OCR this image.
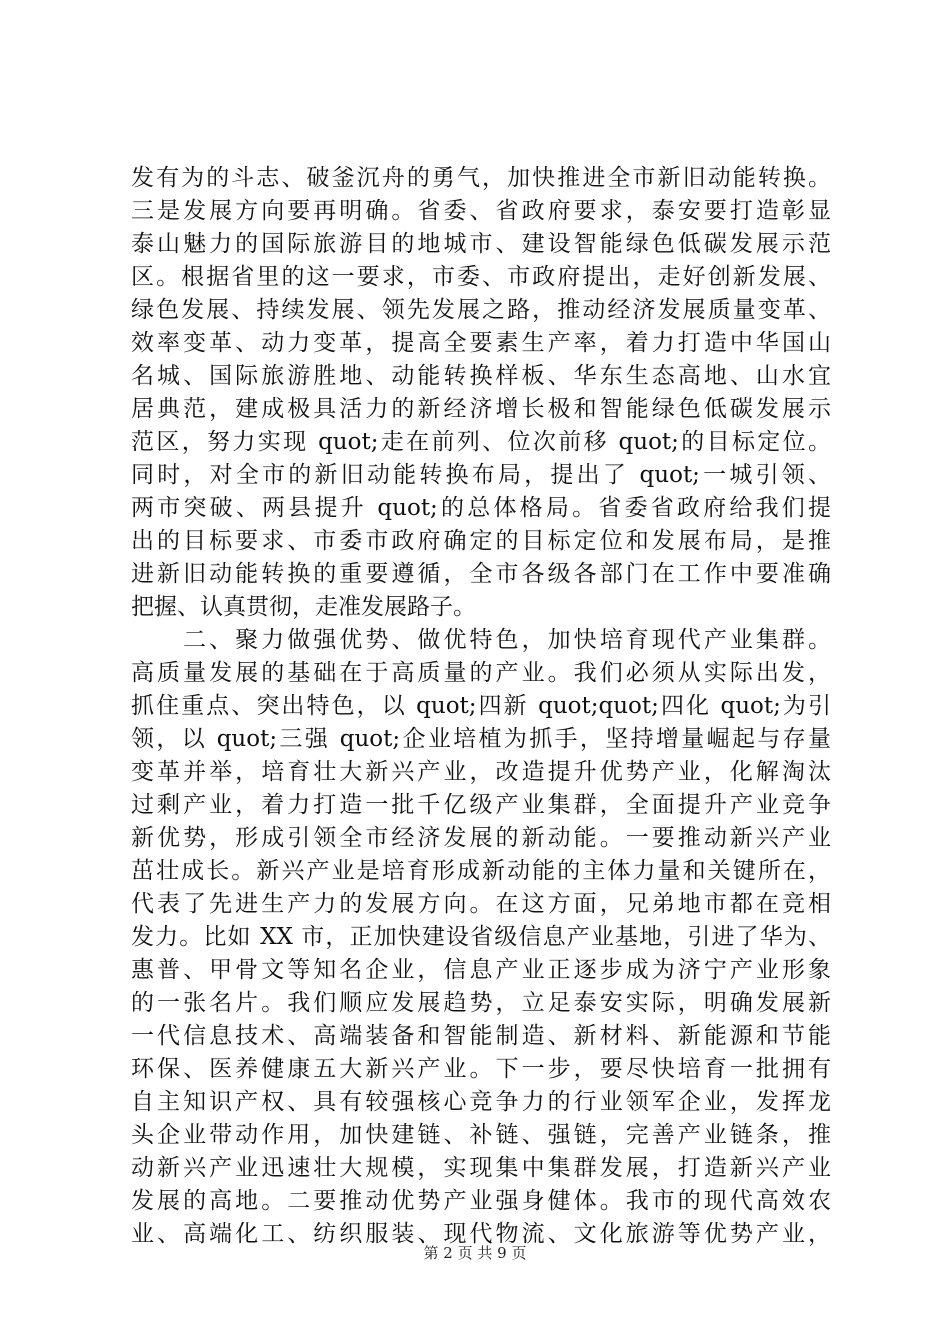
发有为的斗志、破釜沉舟的勇气，加快推进全市新旧动能转换。
三是发展方向要再明确。省委、省政府要求，泰安要打造彰显
泰山魅力的国际旅游目的地城市、建设智能绿色低碳发展示范
区。根据省里的这一要求，市委、市政府提出，走好创新发展、
绿色发展、持续发展、领先发展之路，推动经济发展质量变革、
效率变革、动力变革，提高全要素生产率，着力打造中华国山
名城、国际旅游胜地、动能转换样板、华东生态高地、山水宜
居典范，建成极具活力的新经济增长极和智能绿色低碳发展示
范区，努力实现 quot;走在前列、位次前移 quot;的目标定位。
同时，对全市的新旧动能转换布局，提出了 quot;一城引领、
两市突破、两县提升 quot;的总体格局。省委省政府给我们提
出的目标要求、市委市政府确定的目标定位和发展布局，是推
进新旧动能转换的重要遵循，全市各级各部门在工作中要准确
把握、认真贯彻，走准发展路子。
　　二、聚力做强优势、做优特色，加快培育现代产业集群。
高质量发展的基础在于高质量的产业。我们必须从实际出发，
抓住重点、突出特色，以 quot;四新 quot;quot;四化 quot;为引
领，以 quot;三强 quot;企业培植为抓手，坚持增量崛起与存量
变革并举，培育壮大新兴产业，改造提升优势产业，化解淘汰
过剩产业，着力打造一批千亿级产业集群，全面提升产业竞争
新优势，形成引领全市经济发展的新动能。一要推动新兴产业
茁壮成长。新兴产业是培育形成新动能的主体力量和关键所在，
代表了先进生产力的发展方向。在这方面，兄弟地市都在竞相
发力。比如 XX 市，正加快建设省级信息产业基地，引进了华为、
惠普、甲骨文等知名企业，信息产业正逐步成为济宁产业形象
的一张名片。我们顺应发展趋势，立足泰安实际，明确发展新
一代信息技术、高端装备和智能制造、新材料、新能源和节能
环保、医养健康五大新兴产业。下一步，要尽快培育一批拥有
自主知识产权、具有较强核心竞争力的行业领军企业，发挥龙
头企业带动作用，加快建链、补链、强链，完善产业链条，推
动新兴产业迅速壮大规模，实现集中集群发展，打造新兴产业
发展的高地。二要推动优势产业强身健体。我市的现代高效农
业、高端化工、纺织服装、现代物流、文化旅游等优势产业，
第 2 页 共 9 页
